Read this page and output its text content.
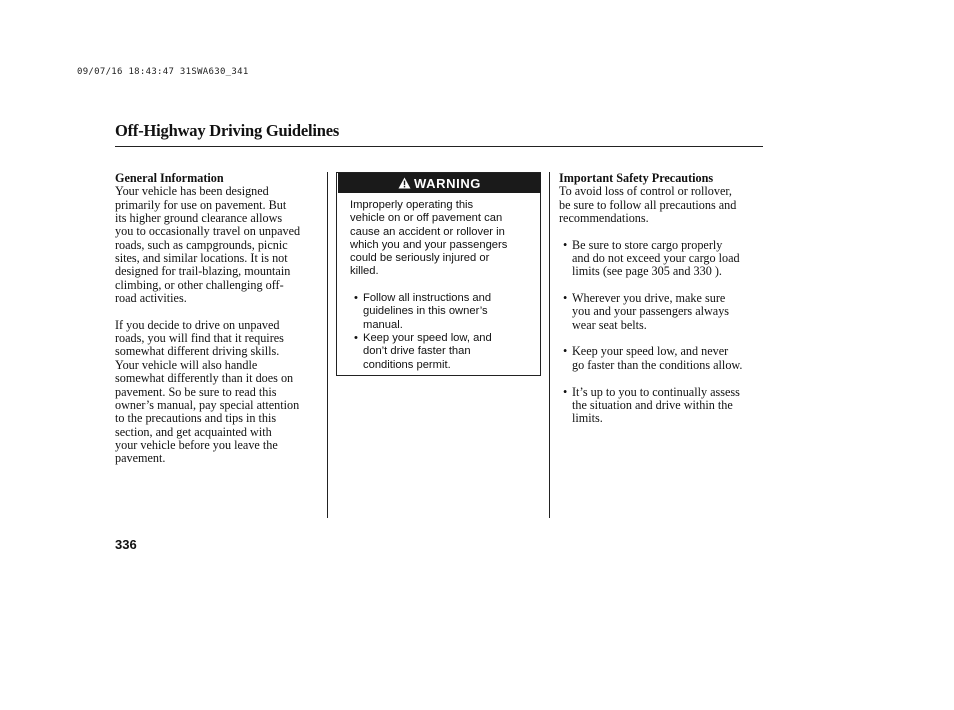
09/07/16 18:43:47 31SWA630_341
Off-Highway Driving Guidelines
General Information

Your vehicle has been designed

primarily for use on pavement. But

its higher ground clearance allows

you to occasionally travel on unpaved

roads, such as campgrounds, picnic

sites, and similar locations. It is not

designed for trail-blazing, mountain

climbing, or other challenging off-

road activities.

If you decide to drive on unpaved

roads, you will find that it requires

somewhat different driving skills.

Your vehicle will also handle

somewhat differently than it does on

pavement. So be sure to read this

owner’s manual, pay special attention

to the precautions and tips in this

section, and get acquainted with

your vehicle before you leave the

pavement.

WARNING

Improperly operating this

vehicle on or off pavement can

cause an accident or rollover in

which you and your passengers

could be seriously injured or

killed.

• Follow all instructions and

guidelines in this owner’s

manual.

• Keep your speed low, and

don’t drive faster than

conditions permit.

Important Safety Precautions

To avoid loss of control or rollover,

be sure to follow all precautions and

recommendations.

• Be sure to store cargo properly

and do not exceed your cargo load

limits (see page 305 and 330 ).

• Wherever you drive, make sure

you and your passengers always

wear seat belts.

• Keep your speed low, and never

go faster than the conditions allow.

• It’s up to you to continually assess

the situation and drive within the

limits.

336
